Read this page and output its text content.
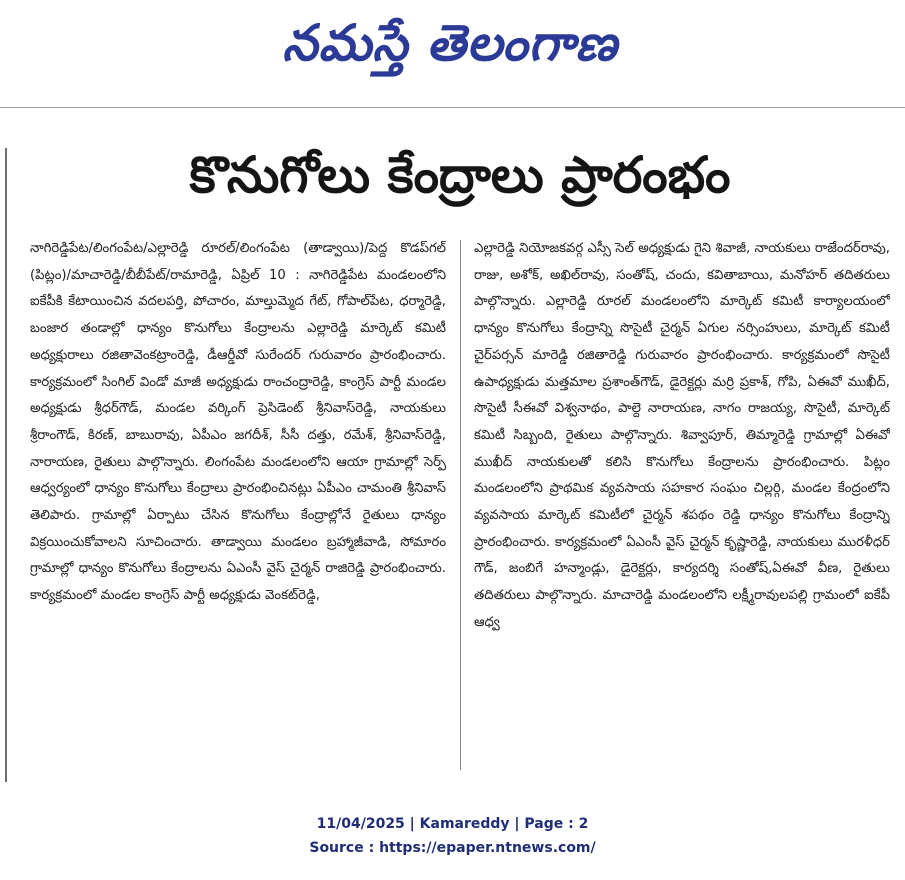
నమస్తే తెలంగాణ
కొనుగోలు కేంద్రాలు ప్రారంభం

నాగిరెడ్డిపేట/లింగంపేట/ఎల్లారెడ్డి రూరల్/లింగంపేట (తాడ్వాయి)/పెద్ద కొడప్‌గల్ (పిట్లం)/మాచారెడ్డి/బీబీపేట్/రామారెడ్డి, ఏప్రిల్ 10 : నాగిరెడ్డిపేట మండలంలోని ఐకేపీకి కేటాయించిన వదలపర్తి, పోచారం, మాల్తుమ్మెద గేట్, గోపాల్‌పేట, ధర్మారెడ్డి, బంజార తండాల్లో ధాన్యం కొనుగోలు కేంద్రాలను ఎల్లారెడ్డి మార్కెట్ కమిటీ అధ్యక్షురాలు రజితావెంకట్రాంరెడ్డి, డీఆర్డీవో సురేందర్ గురువారం ప్రారంభించారు. కార్యక్రమంలో సింగిల్ విండో మాజీ అధ్యక్షుడు రాంచంద్రారెడ్డి, కాంగ్రెస్ పార్టీ మండల అధ్యక్షుడు శ్రీధర్‌గౌడ్, మండల వర్కింగ్ ప్రెసిడెంట్ శ్రీనివాస్‌రెడ్డి, నాయకులు శ్రీరాంగౌడ్, కిరణ్, బాబురావు, ఏపీఎం జగదీశ్, సీసీ దత్తు, రమేశ్, శ్రీనివాస్‌రెడ్డి, నారాయణ, రైతులు పాల్గొన్నారు. లింగంపేట మండలంలోని ఆయా గ్రామాల్లో సెర్ప్ ఆధ్వర్యంలో ధాన్యం కొనుగోలు కేంద్రాలు ప్రారంభించినట్లు ఏపీఎం చామంతి శ్రీనివాస్ తెలిపారు. గ్రామాల్లో ఏర్పాటు చేసిన కొనుగోలు కేంద్రాల్లోనే రైతులు ధాన్యం విక్రయించుకోవాలని సూచించారు. తాడ్వాయి మండలం బ్రహ్మాజీవాడి, సోమారం గ్రామాల్లో ధాన్యం కొనుగోలు కేంద్రాలను ఏఎంసీ వైస్ చైర్మన్ రాజిరెడ్డి ప్రారంభించారు. కార్యక్రమంలో మండల కాంగ్రెస్ పార్టీ అధ్యక్షుడు వెంకట్‌రెడ్డి,

ఎల్లారెడ్డి నియోజకవర్గ ఎస్సీ సెల్ అధ్యక్షుడు గైని శివాజీ, నాయకులు రాజేందర్‌రావు, రాజు, అశోక్, అఖిల్‌రావు, సంతోష్, చందు, కవితాబాయి, మనోహర్ తదితరులు పాల్గొన్నారు. ఎల్లారెడ్డి రూరల్ మండలంలోని మార్కెట్ కమిటీ కార్యాలయంలో ధాన్యం కొనుగోలు కేంద్రాన్ని సొసైటీ చైర్మన్ ఏగుల నర్సింహులు, మార్కెట్ కమిటీ చైర్‌పర్సన్ మారెడ్డి రజితారెడ్డి గురువారం ప్రారంభించారు. కార్యక్రమంలో సొసైటీ ఉపాధ్యక్షుడు మత్తమాల ప్రశాంత్‌గౌడ్, డైరెక్టర్లు మర్రి ప్రకాశ్, గోపి, ఏఈవో ముఖీద్, సొసైటీ సీఈవో విశ్వనాథం, పాల్దె నారాయణ, నాగం రాజయ్య, సొసైటీ, మార్కెట్ కమిటీ సిబ్బంది, రైతులు పాల్గొన్నారు. శివ్వాపూర్, తిమ్మారెడ్డి గ్రామాల్లో ఏఈవో ముఖీద్ నాయకులతో కలిసి కొనుగోలు కేంద్రాలను ప్రారంభించారు. పిట్లం మండలంలోని ప్రాథమిక వ్యవసాయ సహకార సంఘం చిల్లర్గి, మండల కేంద్రంలోని వ్యవసాయ మార్కెట్ కమిటీలో చైర్మన్ శపథం రెడ్డి ధాన్యం కొనుగోలు కేంద్రాన్ని ప్రారంభించారు. కార్యక్రమంలో ఏఎంసీ వైస్ చైర్మన్ కృష్ణారెడ్డి, నాయకులు మురళీధర్ గౌడ్, జంబిగే హన్మాండ్లు, డైరెక్టర్లు, కార్యదర్శి సంతోష్,ఏఈవో వీణ, రైతులు తదితరులు పాల్గొన్నారు. మాచారెడ్డి మండలంలోని లక్ష్మీరావులపల్లి గ్రామంలో ఐకేపీ ఆధ్వ

11/04/2025 | Kamareddy | Page : 2
Source : https://epaper.ntnews.com/
